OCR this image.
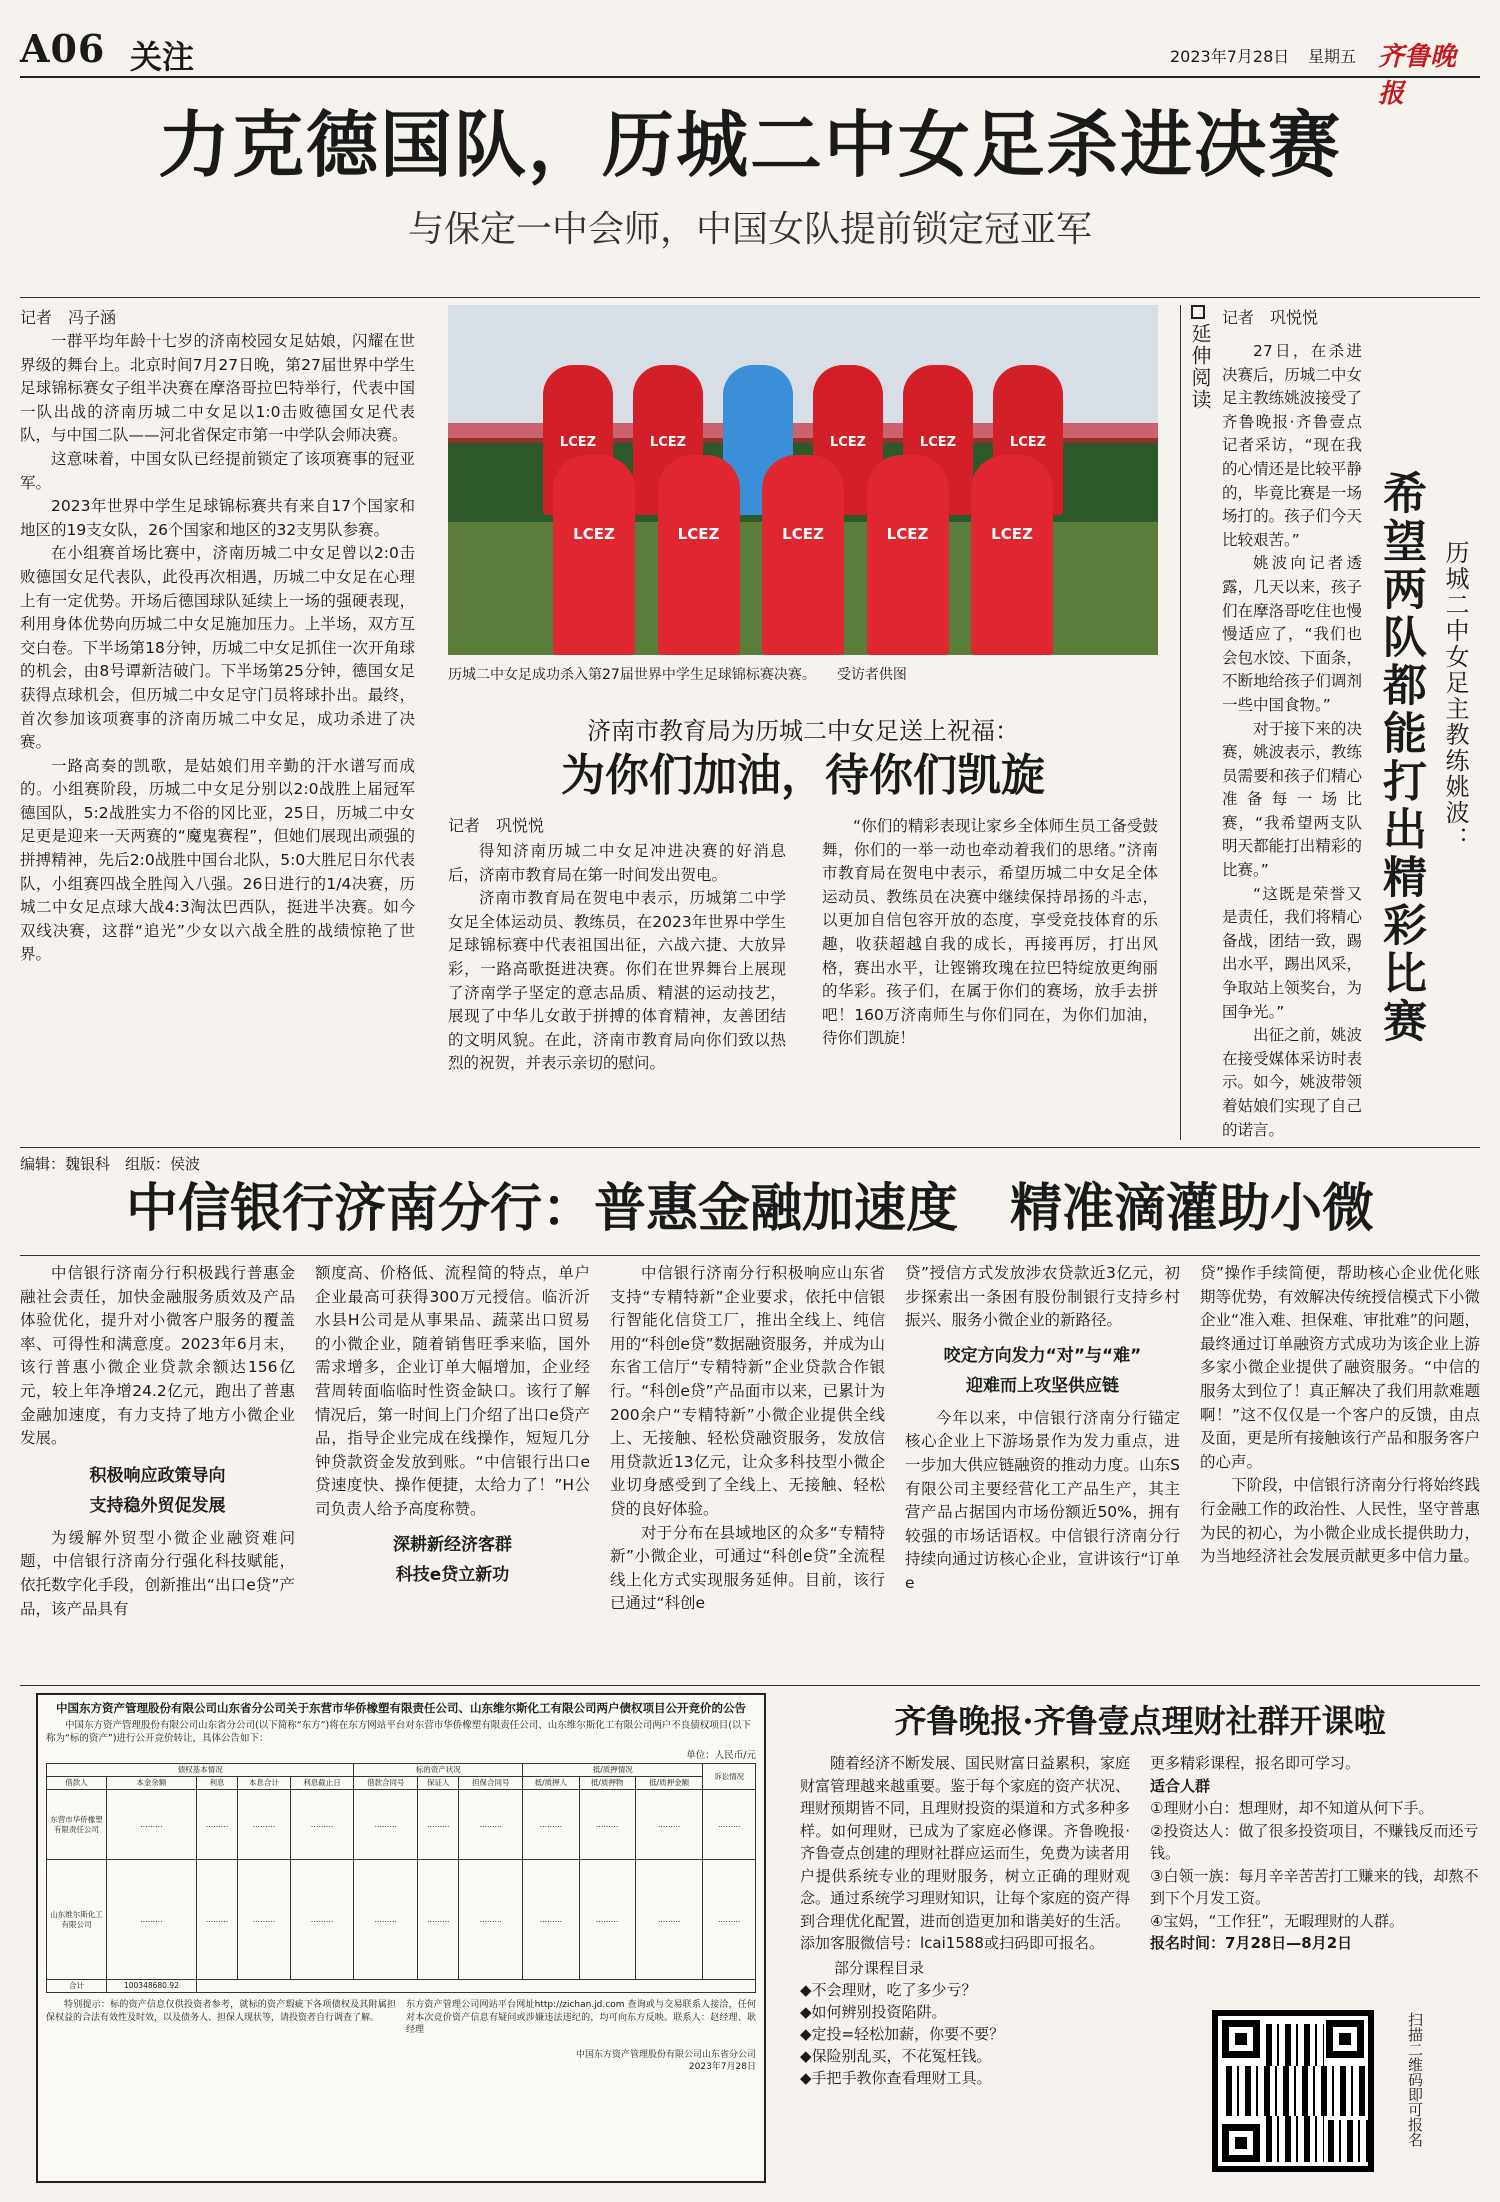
A06 关注	2023年7月28日 星期五 齐鲁晚报
力克德国队，历城二中女足杀进决赛
与保定一中会师，中国女队提前锁定冠亚军
记者　冯子涵

一群平均年龄十七岁的济南校园女足姑娘，闪耀在世界级的舞台上。北京时间7月27日晚，第27届世界中学生足球锦标赛女子组半决赛在摩洛哥拉巴特举行，代表中国一队出战的济南历城二中女足以1:0击败德国女足代表队，与中国二队——河北省保定市第一中学队会师决赛。

这意味着，中国女队已经提前锁定了该项赛事的冠亚军。

2023年世界中学生足球锦标赛共有来自17个国家和地区的19支女队，26个国家和地区的32支男队参赛。

在小组赛首场比赛中，济南历城二中女足曾以2:0击败德国女足代表队，此役再次相遇，历城二中女足在心理上有一定优势。开场后德国球队延续上一场的强硬表现，利用身体优势向历城二中女足施加压力。上半场，双方互交白卷。下半场第18分钟，历城二中女足抓住一次开角球的机会，由8号谭新洁破门。下半场第25分钟，德国女足获得点球机会，但历城二中女足守门员将球扑出。最终，首次参加该项赛事的济南历城二中女足，成功杀进了决赛。

一路高奏的凯歌，是姑娘们用辛勤的汗水谱写而成的。小组赛阶段，历城二中女足分别以2:0战胜上届冠军德国队，5:2战胜实力不俗的冈比亚，25日，历城二中女足更是迎来一天两赛的“魔鬼赛程”，但她们展现出顽强的拼搏精神，先后2:0战胜中国台北队，5:0大胜尼日尔代表队，小组赛四战全胜闯入八强。26日进行的1/4决赛，历城二中女足点球大战4:3淘汰巴西队，挺进半决赛。如今双线决赛，这群“追光”少女以六战全胜的战绩惊艳了世界。

LCEZ	LCEZ	LCEZ	LCEZ	LCEZ
LCEZ	LCEZ	LCEZ	LCEZ	LCEZ
历城二中女足成功杀入第27届世界中学生足球锦标赛决赛。　　受访者供图
济南市教育局为历城二中女足送上祝福：
为你们加油，待你们凯旋
记者　巩悦悦

得知济南历城二中女足冲进决赛的好消息后，济南市教育局在第一时间发出贺电。

济南市教育局在贺电中表示，历城第二中学女足全体运动员、教练员，在2023年世界中学生足球锦标赛中代表祖国出征，六战六捷、大放异彩，一路高歌挺进决赛。你们在世界舞台上展现了济南学子坚定的意志品质、精湛的运动技艺，展现了中华儿女敢于拼搏的体育精神，友善团结的文明风貌。在此，济南市教育局向你们致以热烈的祝贺，并表示亲切的慰问。

“你们的精彩表现让家乡全体师生员工备受鼓舞，你们的一举一动也牵动着我们的思绪。”济南市教育局在贺电中表示，希望历城二中女足全体运动员、教练员在决赛中继续保持昂扬的斗志，以更加自信包容开放的态度，享受竞技体育的乐趣，收获超越自我的成长，再接再厉，打出风格，赛出水平，让铿锵玫瑰在拉巴特绽放更绚丽的华彩。孩子们，在属于你们的赛场，放手去拼吧！160万济南师生与你们同在，为你们加油，待你们凯旋！

延伸阅读
记者　巩悦悦

27日，在杀进决赛后，历城二中女足主教练姚波接受了齐鲁晚报·齐鲁壹点记者采访，“现在我的心情还是比较平静的，毕竟比赛是一场场打的。孩子们今天比较艰苦。”

姚波向记者透露，几天以来，孩子们在摩洛哥吃住也慢慢适应了，“我们也会包水饺、下面条，不断地给孩子们调剂一些中国食物。”

对于接下来的决赛，姚波表示，教练员需要和孩子们精心准备每一场比赛，“我希望两支队明天都能打出精彩的比赛。”

“这既是荣誉又是责任，我们将精心备战，团结一致，踢出水平，踢出风采，争取站上领奖台，为国争光。”

出征之前，姚波在接受媒体采访时表示。如今，姚波带领着姑娘们实现了自己的诺言。

希望两队都能打出精彩比赛 历城二中女足主教练姚波：
编辑：魏银科　组版：侯波
中信银行济南分行：普惠金融加速度　精准滴灌助小微

中信银行济南分行积极践行普惠金融社会责任，加快金融服务质效及产品体验优化，提升对小微客户服务的覆盖率、可得性和满意度。2023年6月末，该行普惠小微企业贷款余额达156亿元，较上年净增24.2亿元，跑出了普惠金融加速度，有力支持了地方小微企业发展。

积极响应政策导向
支持稳外贸促发展

为缓解外贸型小微企业融资难问题，中信银行济南分行强化科技赋能，依托数字化手段，创新推出“出口e贷”产品，该产品具有

额度高、价格低、流程简的特点，单户企业最高可获得300万元授信。临沂沂水县H公司是从事果品、蔬菜出口贸易的小微企业，随着销售旺季来临，国外需求增多，企业订单大幅增加，企业经营周转面临临时性资金缺口。该行了解情况后，第一时间上门介绍了出口e贷产品，指导企业完成在线操作，短短几分钟贷款资金发放到账。“中信银行出口e贷速度快、操作便捷，太给力了！”H公司负责人给予高度称赞。

深耕新经济客群
科技e贷立新功

中信银行济南分行积极响应山东省支持“专精特新”企业要求，依托中信银行智能化信贷工厂，推出全线上、纯信用的“科创e贷”数据融资服务，并成为山东省工信厅“专精特新”企业贷款合作银行。“科创e贷”产品面市以来，已累计为200余户“专精特新”小微企业提供全线上、无接触、轻松贷融资服务，发放信用贷款近13亿元，让众多科技型小微企业切身感受到了全线上、无接触、轻松贷的良好体验。

对于分布在县域地区的众多“专精特新”小微企业，可通过“科创e贷”全流程线上化方式实现服务延伸。目前，该行已通过“科创e

贷”授信方式发放涉农贷款近3亿元，初步探索出一条困有股份制银行支持乡村振兴、服务小微企业的新路径。

咬定方向发力“对”与“难”
迎难而上攻坚供应链

今年以来，中信银行济南分行锚定核心企业上下游场景作为发力重点，进一步加大供应链融资的推动力度。山东S有限公司主要经营化工产品生产，其主营产品占据国内市场份额近50%，拥有较强的市场话语权。中信银行济南分行持续向通过访核心企业，宣讲该行“订单e

贷”操作手续简便，帮助核心企业优化账期等优势，有效解决传统授信模式下小微企业“准入难、担保难、审批难”的问题，最终通过订单融资方式成功为该企业上游多家小微企业提供了融资服务。“中信的服务太到位了！真正解决了我们用款难题啊！”这不仅仅是一个客户的反馈，由点及面，更是所有接触该行产品和服务客户的心声。

下阶段，中信银行济南分行将始终践行金融工作的政治性、人民性，坚守普惠为民的初心，为小微企业成长提供助力，为当地经济社会发展贡献更多中信力量。

中国东方资产管理股份有限公司山东省分公司关于东营市华侨橡塑有限责任公司、山东维尔斯化工有限公司两户债权项目公开竞价的公告
中国东方资产管理股份有限公司山东省分公司(以下简称“东方”)将在东方网站平台对东营市华侨橡塑有限责任公司、山东维尔斯化工有限公司两户不良债权项目(以下称为“标的资产”)进行公开竞价转让，具体公告如下：
单位：人民币/元
债权基本情况					标的资产状况			抵/质押情况			诉讼情况
借款人	本金余额	利息	本息合计	利息截止日	借款合同号	保证人	担保合同号	抵/质押人	抵/质押物	抵/质押金额	
东营市华侨橡塑有限责任公司	………	………	………	………	………	………	………	………	………	………	………
山东维尔斯化工有限公司	………	………	………	………	………	………	………	………	………	………	………
合计	100348680.92										
特别提示：标的资产信息仅供投资者参考，就标的资产瑕疵下各项债权及其附属担保权益的合法有效性及时效，以及债务人、担保人现状等，请投资者自行调查了解。
东方资产管理公司网站平台网址http://zichan.jd.com 查询或与交易联系人接洽，任何对本次竞价资产信息有疑问或涉嫌违法违纪的，均可向东方反映。联系人：赵经理、耿经理
中国东方资产管理股份有限公司山东省分公司
2023年7月28日
齐鲁晚报·齐鲁壹点理财社群开课啦
随着经济不断发展、国民财富日益累积，家庭财富管理越来越重要。鉴于每个家庭的资产状况、理财预期皆不同，且理财投资的渠道和方式多种多样。如何理财，已成为了家庭必修课。齐鲁晚报·齐鲁壹点创建的理财社群应运而生，免费为读者用户提供系统专业的理财服务，树立正确的理财观念。通过系统学习理财知识，让每个家庭的资产得到合理优化配置，进而创造更加和谐美好的生活。添加客服微信号：lcai1588或扫码即可报名。
部分课程目录
◆不会理财，吃了多少亏？
◆如何辨别投资陷阱。
◆定投=轻松加薪，你要不要？
◆保险别乱买，不花冤枉钱。
◆手把手教你查看理财工具。
更多精彩课程，报名即可学习。
适合人群
①理财小白：想理财，却不知道从何下手。
②投资达人：做了很多投资项目，不赚钱反而还亏钱。
③白领一族：每月辛辛苦苦打工赚来的钱，却熬不到下个月发工资。
④宝妈，“工作狂”，无暇理财的人群。
报名时间：7月28日—8月2日
扫描二维码即可报名
